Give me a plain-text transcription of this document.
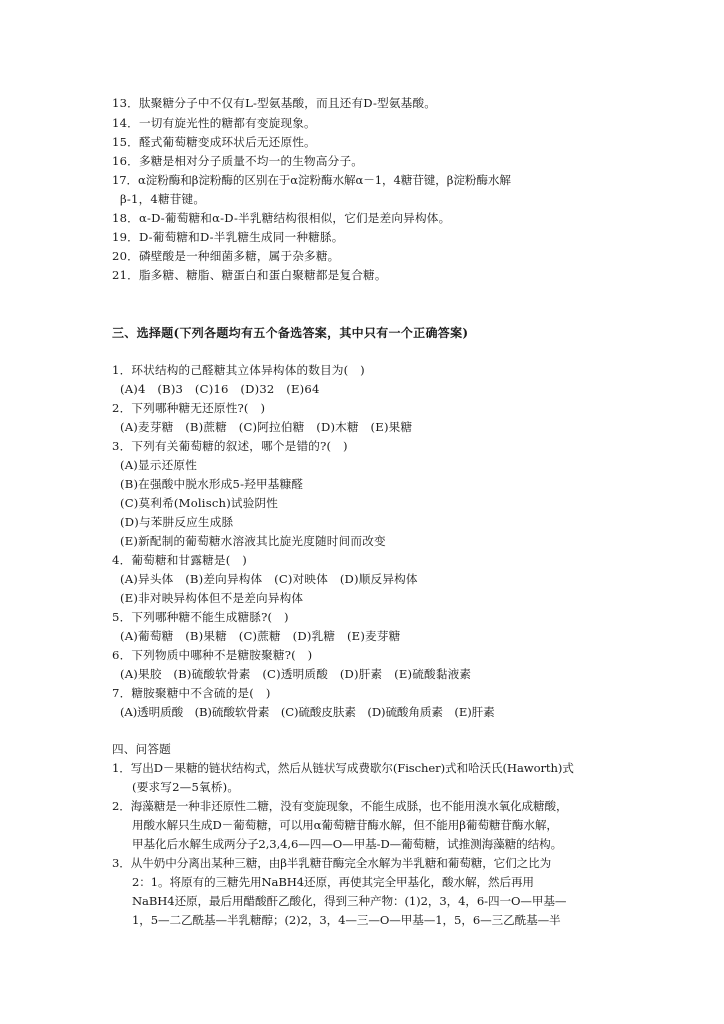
13．肽聚糖分子中不仅有L-型氨基酸，而且还有D-型氨基酸。
14．一切有旋光性的糖都有变旋现象。
15．醛式葡萄糖变成环状后无还原性。
16．多糖是相对分子质量不均一的生物高分子。
17．α淀粉酶和β淀粉酶的区别在于α淀粉酶水解α－1，4糖苷键，β淀粉酶水解
β-1，4糖苷键。
18．α-D-葡萄糖和α-D-半乳糖结构很相似，它们是差向异构体。
19．D-葡萄糖和D-半乳糖生成同一种糖脎。
20．磷壁酸是一种细菌多糖，属于杂多糖。
21．脂多糖、糖脂、糖蛋白和蛋白聚糖都是复合糖。
三、选择题(下列各题均有五个备选答案，其中只有一个正确答案)
1．环状结构的己醛糖其立体异构体的数目为(　)
(A)4　(B)3　(C)16　(D)32　(E)64
2．下列哪种糖无还原性?(　)
(A)麦芽糖　(B)蔗糖　(C)阿拉伯糖　(D)木糖　(E)果糖
3．下列有关葡萄糖的叙述，哪个是错的?(　)
(A)显示还原性
(B)在强酸中脱水形成5-羟甲基糠醛
(C)莫利希(Molisch)试验阴性
(D)与苯肼反应生成脎
(E)新配制的葡萄糖水溶液其比旋光度随时间而改变
4．葡萄糖和甘露糖是(　)
(A)异头体　(B)差向异构体　(C)对映体　(D)顺反异构体
(E)非对映异构体但不是差向异构体
5．下列哪种糖不能生成糖脎?(　)
(A)葡萄糖　(B)果糖　(C)蔗糖　(D)乳糖　(E)麦芽糖
6．下列物质中哪种不是糖胺聚糖?(　)
(A)果胶　(B)硫酸软骨素　(C)透明质酸　(D)肝素　(E)硫酸黏液素
7．糖胺聚糖中不含硫的是(　)
(A)透明质酸　(B)硫酸软骨素　(C)硫酸皮肤素　(D)硫酸角质素　(E)肝素
四、问答题
1．写出D－果糖的链状结构式，然后从链状写成费歇尔(Fischer)式和哈沃氏(Haworth)式
(要求写2—5氧桥)。
2．海藻糖是一种非还原性二糖，没有变旋现象，不能生成脎，也不能用溴水氧化成糖酸，
用酸水解只生成D－葡萄糖，可以用α葡萄糖苷酶水解，但不能用β葡萄糖苷酶水解，
甲基化后水解生成两分子2,3,4,6—四—O—甲基-D—葡萄糖，试推测海藻糖的结构。
3．从牛奶中分离出某种三糖，由β半乳糖苷酶完全水解为半乳糖和葡萄糖，它们之比为
2：1。将原有的三糖先用NaBH4还原，再使其完全甲基化，酸水解，然后再用
NaBH4还原，最后用醋酸酐乙酸化，得到三种产物：(1)2，3，4，6-四一O—甲基—
1，5—二乙酰基—半乳糖醇；(2)2，3，4—三—O—甲基—1，5，6—三乙酰基—半
